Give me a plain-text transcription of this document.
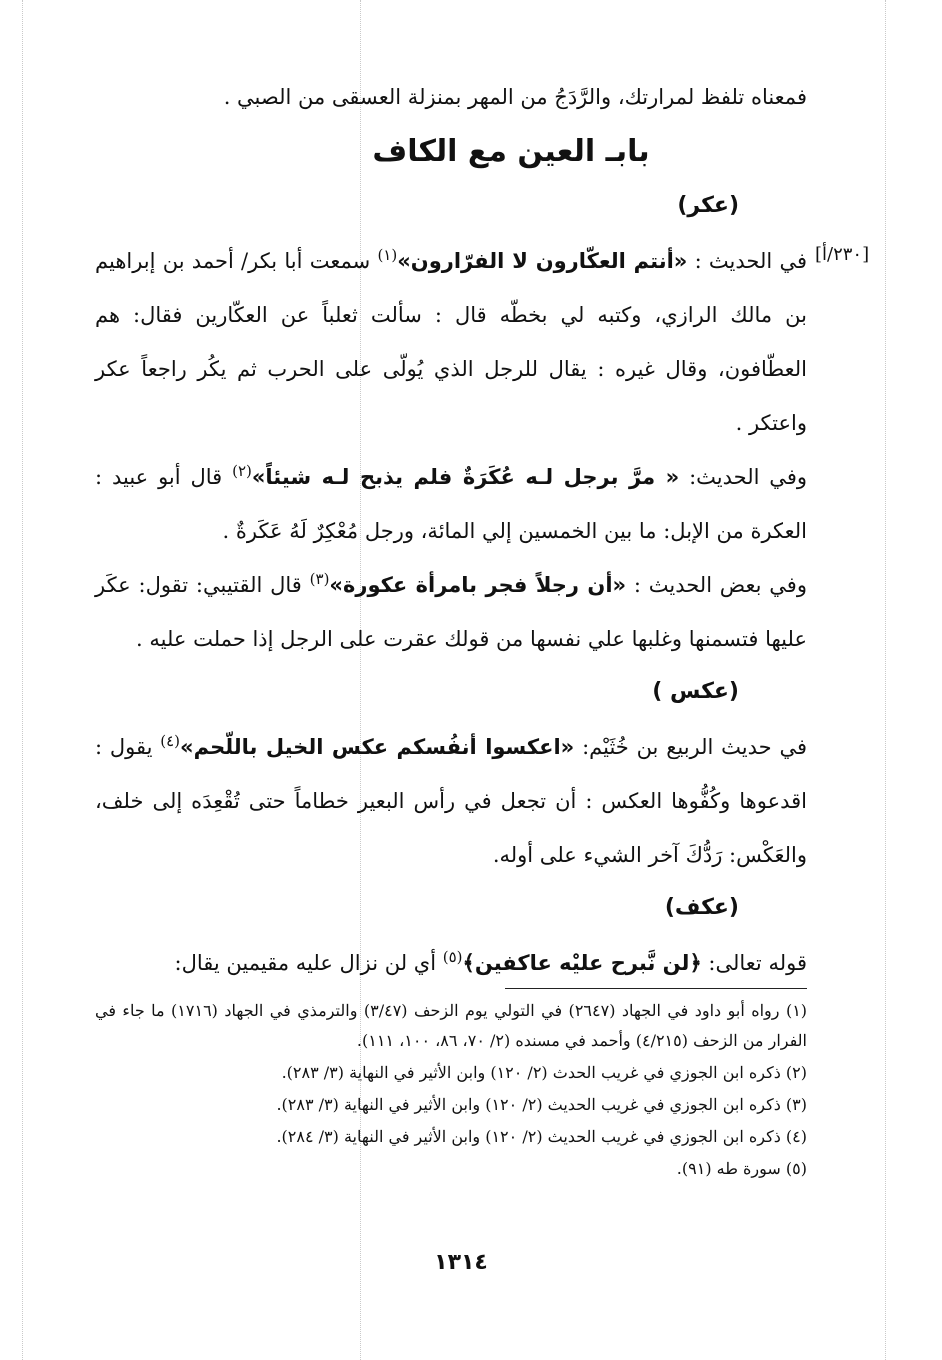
[٢٣٠/أ]
فمعناه تلفظ لمرارتك، والرَّدَجُ من المهر بمنزلة العسقى من الصبي .
بابـ العين مع الكاف
(عكر)

في الحديث : «أنتم العكّارون لا الفرّارون»$^{(١)}$ سمعت أبا بكر/ أحمد بن إبراهيم بن مالك الرازي، وكتبه لي بخطّه قال : سألت ثعلباً عن العكّارين فقال: هم العطّافون، وقال غيره : يقال للرجل الذي يُولّى على الحرب ثم يكُر راجعاً عكر واعتكر .

وفي الحديث: « مرَّ برجل لـه عُكَرَةٌ فلم يذبح لـه شيئاً»$^{(٢)}$ قال أبو عبيد : العكرة من الإبل: ما بين الخمسين إلي المائة، ورجل مُعْكِرٌ لَهُ عَكَرةٌ .

وفي بعض الحديث : «أن رجلاً فجر بامرأة عكورة»$^{(٣)}$ قال القتيبي: تقول: عكَر عليها فتسمنها وغلبها علي نفسها من قولك عقرت على الرجل إذا حملت عليه .

(عكس )

في حديث الربيع بن خُثَيْم: «اعكسوا أنفُسكم عكس الخيل باللّحم»$^{(٤)}$ يقول : اقدعوها وكُفُّوها العكس : أن تجعل في رأس البعير خطاماً حتى تُقْعِدَه إلى خلف، والعَكْس: رَدُّكَ آخر الشيء على أوله.

(عكف)

قوله تعالى: ﴿لن نَّبرح عليْه عاكفين﴾$^{(٥)}$ أي لن نزال عليه مقيمين يقال:

(١) رواه أبو داود في الجهاد (٢٦٤٧) في التولي يوم الزحف (٣/٤٧) والترمذي في الجهاد (١٧١٦) ما جاء في الفرار من الزحف (٤/٢١٥) وأحمد في مسنده (٢/ ٧٠، ٨٦، ١٠٠، ١١١).

(٢) ذكره ابن الجوزي في غريب الحدث (٢/ ١٢٠) وابن الأثير في النهاية (٣/ ٢٨٣).

(٣) ذكره ابن الجوزي في غريب الحديث (٢/ ١٢٠) وابن الأثير في النهاية (٣/ ٢٨٣).

(٤) ذكره ابن الجوزي في غريب الحديث (٢/ ١٢٠) وابن الأثير في النهاية (٣/ ٢٨٤).

(٥) سورة طه (٩١).

١٣١٤
